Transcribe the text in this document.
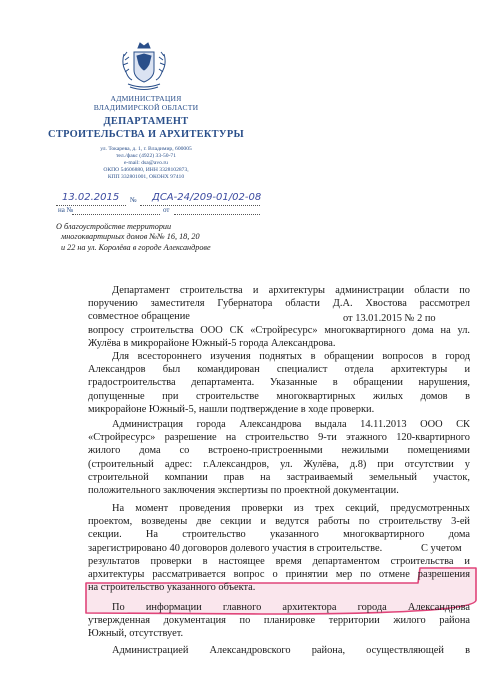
АДМИНИСТРАЦИЯ
ВЛАДИМИРСКОЙ ОБЛАСТИ
ДЕПАРТАМЕНТ
СТРОИТЕЛЬСТВА И АРХИТЕКТУРЫ
ул. Токарева, д. 1, г. Владимир, 600005
тел./факс (4922) 33-50-71
e-mail: dsa@avo.ru
ОКПО 54606880, ИНН 3328102873,
КПП 332801001, ОКОНХ 97410
13.02.2015 № ДСА-24/209-01/02-08
на №	от
О благоустройстве территории
многоквартирных домов №№ 16, 18, 20
и 22 на ул. Королёва в городе Александрове
Департамент строительства и архитектуры администрации области по
поручению заместителя Губернатора области Д.А. Хвостова рассмотрел
совместное обращение	от 13.01.2015 № 2 по
вопросу строительства ООО СК «Стройресурс» многоквартирного дома на ул.
Жулёва в микрорайоне Южный-5 города Александрова.
Для всестороннего изучения поднятых в обращении вопросов в город
Александров был командирован специалист отдела архитектуры и
градостроительства департамента. Указанные в обращении нарушения,
допущенные при строительстве многоквартирных жилых домов в
микрорайоне Южный-5, нашли подтверждение в ходе проверки.
Администрация города Александрова выдала 14.11.2013 ООО СК
«Стройресурс» разрешение на строительство 9-ти этажного 120-квартирного
жилого дома со встроено-пристроенными нежилыми помещениями
(строительный адрес: г.Александров, ул. Жулёва, д.8) при отсутствии у
строительной компании прав на застраиваемый земельный участок,
положительного заключения экспертизы по проектной документации.
На момент проведения проверки из трех секций, предусмотренных
проектом, возведены две секции и ведутся работы по строительству 3-ей
секции. На строительство указанного многоквартирного дома
зарегистрировано 40 договоров долевого участия в строительстве.	С учетом
результатов проверки в настоящее время департаментом строительства и
архитектуры рассматривается вопрос о принятии мер по отмене разрешения
на строительство указанного объекта.
По информации главного архитектора города Александрова
утвержденная документация по планировке территории жилого района
Южный, отсутствует.
Администрацией Александровского района, осуществляющей в
